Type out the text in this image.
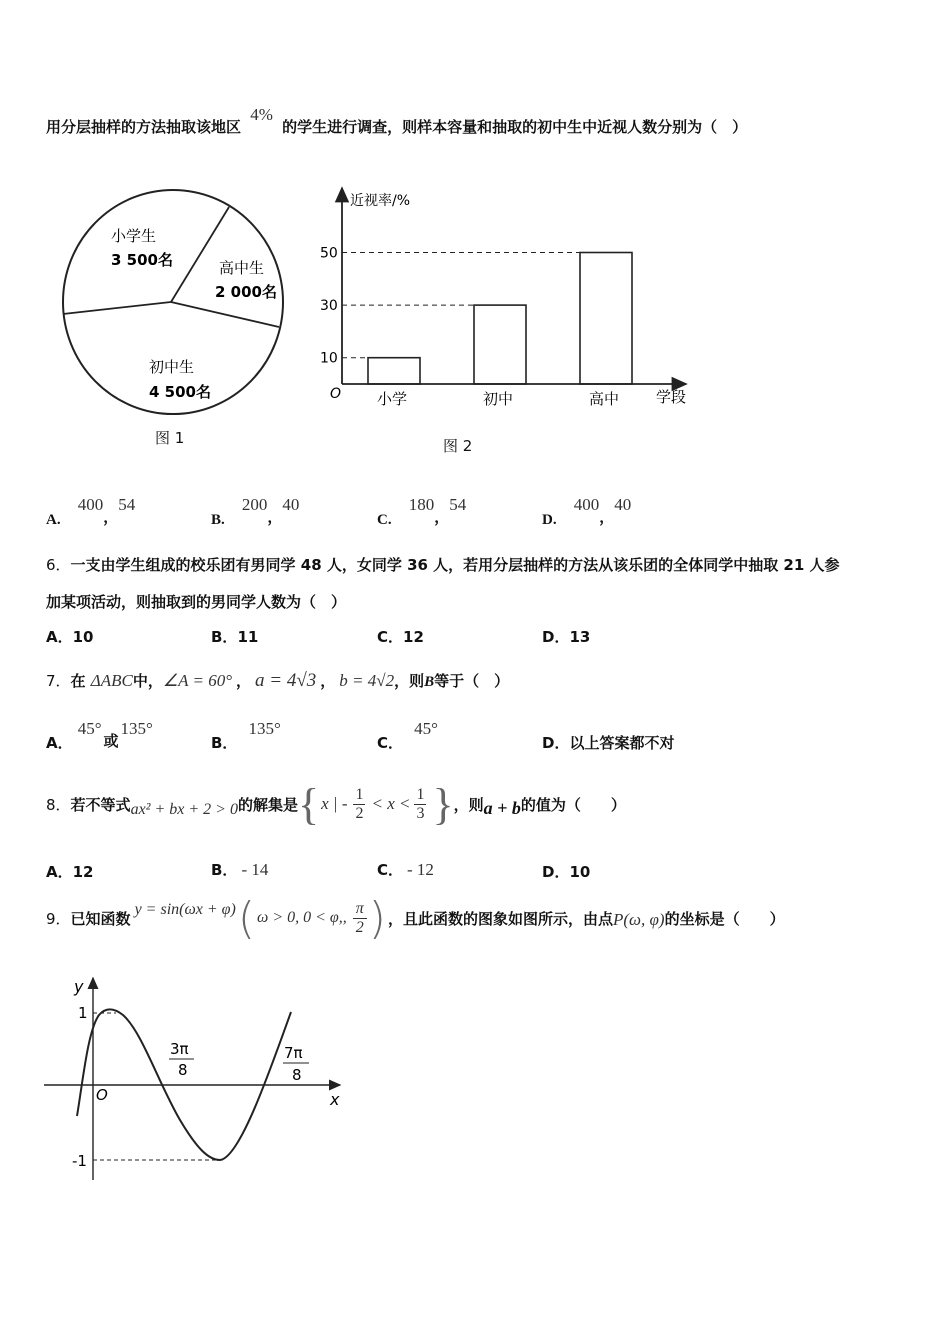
用分层抽样的方法抽取该地区 4% 的学生进行调查，则样本容量和抽取的初中生中近视人数分别为（　）
小学生
3 500名	高中生
2 000名
初中生
4 500名
图 1
近视率/%
学段
O
10
小学
30
初中
50
高中
图 2
A. 400，54
B. 200，40
C. 180，54
D. 400，40
6．一支由学生组成的校乐团有男同学 48 人，女同学 36 人，若用分层抽样的方法从该乐团的全体同学中抽取 21 人参
加某项活动，则抽取到的男同学人数为（　）
A．10	B．11	C．12	D．13
7．在 ΔABC中，∠A = 60° ， a = 4√3 ， b = 4√2，则B等于（　）
A． 45°或135°
B． 135°
C． 45°
D．以上答案都不对
8． 若不等式 ax² + bx + 2 > 0 的解集是 { x | - $\frac{1}{2} < x < \frac{1}{3}$ } ，则 a + b 的值为（　　）
A．12	B． - 14	C． - 12	D．10
9． 已知函数 y = sin(ωx + φ) ( ω > 0, 0 < φ,, $\frac{\pi}{2}$ ) ，且此函数的图象如图所示，由点 P(ω, φ) 的坐标是（　　）
y
x
O
1
-1
3π
8
7π
8
